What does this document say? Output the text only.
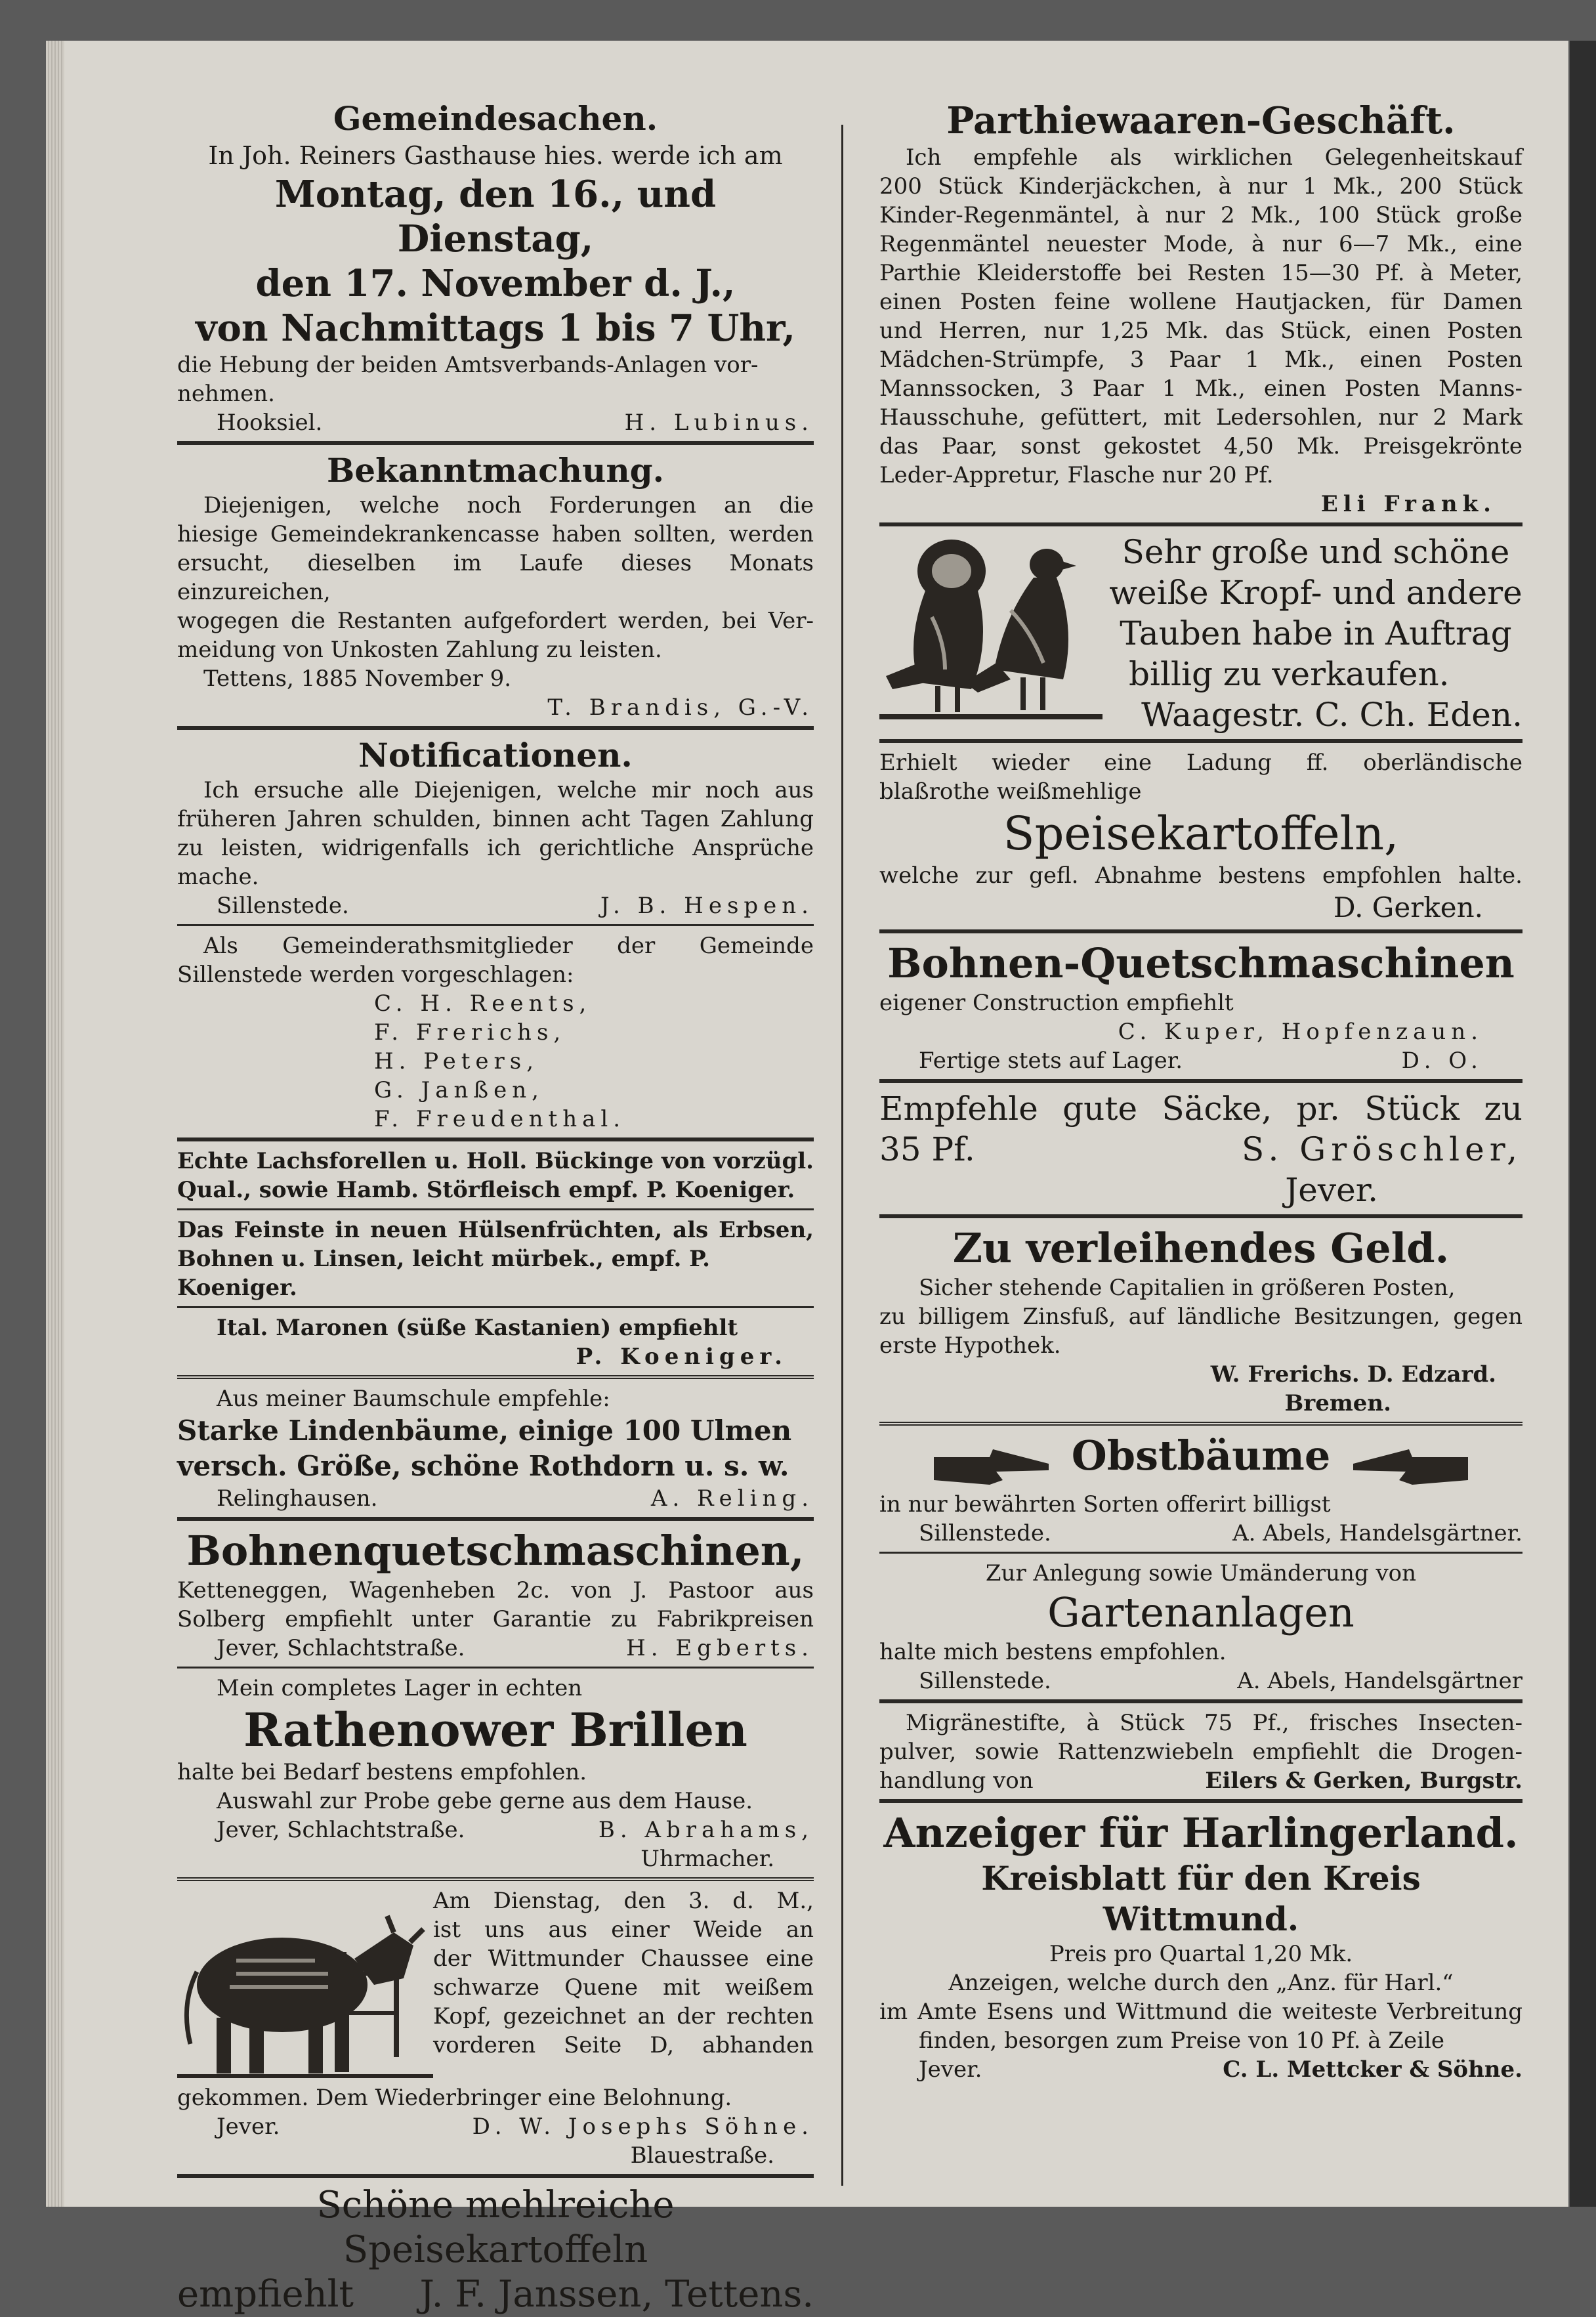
Gemeindesachen.
In Joh. Reiners Gasthause hies. werde ich am
Montag, den 16., und Dienstag,
den 17. November d. J.,
von Nachmittags 1 bis 7 Uhr,
die Hebung der beiden Amtsverbands-Anlagen vor-
nehmen.
Hooksiel.	H. Lubinus.
Bekanntmachung.
Diejenigen, welche noch Forderungen an die
hiesige Gemeindekrankencasse haben sollten, werden
ersucht, dieselben im Laufe dieses Monats einzureichen,
wogegen die Restanten aufgefordert werden, bei Ver-
meidung von Unkosten Zahlung zu leisten.
Tettens, 1885 November 9.
T. Brandis, G.-V.
Notificationen.
Ich ersuche alle Diejenigen, welche mir noch aus
früheren Jahren schulden, binnen acht Tagen Zahlung
zu leisten, widrigenfalls ich gerichtliche Ansprüche
mache.
Sillenstede.	J. B. Hespen.
Als Gemeinderathsmitglieder der Gemeinde
Sillenstede werden vorgeschlagen:
C. H. Reents,
F. Frerichs,
H. Peters,
G. Janßen,
F. Freudenthal.
Echte Lachsforellen u. Holl. Bückinge von vorzügl.
Qual., sowie Hamb. Störfleisch empf. P. Koeniger.
Das Feinste in neuen Hülsenfrüchten, als Erbsen,
Bohnen u. Linsen, leicht mürbek., empf. P. Koeniger.
Ital. Maronen (süße Kastanien) empfiehlt
P. Koeniger.
Aus meiner Baumschule empfehle:
Starke Lindenbäume, einige 100 Ulmen
versch. Größe, schöne Rothdorn u. s. w.
Relinghausen.	A. Reling.
Bohnenquetschmaschinen,
Ketteneggen, Wagenheben 2c. von J. Pastoor aus
Solberg empfiehlt unter Garantie zu Fabrikpreisen
Jever, Schlachtstraße.	H. Egberts.
Mein completes Lager in echten
Rathenower Brillen
halte bei Bedarf bestens empfohlen.
Auswahl zur Probe gebe gerne aus dem Hause.
Jever, Schlachtstraße.	B. Abrahams,
Uhrmacher.
Am Dienstag, den 3. d. M.,
ist uns aus einer Weide an
der Wittmunder Chaussee eine
schwarze Quene mit weißem
Kopf, gezeichnet an der rechten
vorderen Seite D, abhanden
gekommen. Dem Wiederbringer eine Belohnung.
Jever.	D. W. Josephs Söhne.
Blauestraße.
Schöne mehlreiche Speisekartoffeln
empfiehlt J. F. Janssen, Tettens.
Parthiewaaren-Geschäft.
Ich empfehle als wirklichen Gelegenheitskauf
200 Stück Kinderjäckchen, à nur 1 Mk., 200 Stück
Kinder-Regenmäntel, à nur 2 Mk., 100 Stück große
Regenmäntel neuester Mode, à nur 6—7 Mk., eine
Parthie Kleiderstoffe bei Resten 15—30 Pf. à Meter,
einen Posten feine wollene Hautjacken, für Damen
und Herren, nur 1,25 Mk. das Stück, einen Posten
Mädchen-Strümpfe, 3 Paar 1 Mk., einen Posten
Mannssocken, 3 Paar 1 Mk., einen Posten Manns-
Hausschuhe, gefüttert, mit Ledersohlen, nur 2 Mark
das Paar, sonst gekostet 4,50 Mk. Preisgekrönte
Leder-Appretur, Flasche nur 20 Pf.
Eli Frank.
Sehr große und schöne
weiße Kropf- und andere
Tauben habe in Auftrag
billig zu verkaufen.
Waagestr. C. Ch. Eden.
Erhielt wieder eine Ladung ff. oberländische
blaßrothe weißmehlige
Speisekartoffeln,
welche zur gefl. Abnahme bestens empfohlen halte.
D. Gerken.
Bohnen-Quetschmaschinen
eigener Construction empfiehlt
C. Kuper, Hopfenzaun.
Fertige stets auf Lager.	D. O.
Empfehle gute Säcke, pr. Stück zu
35 Pf.	S. Gröschler,
Jever.
Zu verleihendes Geld.
Sicher stehende Capitalien in größeren Posten,
zu billigem Zinsfuß, auf ländliche Besitzungen, gegen
erste Hypothek.
W. Frerichs. D. Edzard.
Bremen.
Obstbäume
in nur bewährten Sorten offerirt billigst
Sillenstede.	A. Abels, Handelsgärtner.
Zur Anlegung sowie Umänderung von
Gartenanlagen
halte mich bestens empfohlen.
Sillenstede.	A. Abels, Handelsgärtner
Migränestifte, à Stück 75 Pf., frisches Insecten-
pulver, sowie Rattenzwiebeln empfiehlt die Drogen-
handlung von	Eilers & Gerken, Burgstr.
Anzeiger für Harlingerland.
Kreisblatt für den Kreis Wittmund.
Preis pro Quartal 1,20 Mk.
Anzeigen, welche durch den „Anz. für Harl.“
im Amte Esens und Wittmund die weiteste Verbreitung
finden, besorgen zum Preise von 10 Pf. à Zeile
Jever.	C. L. Mettcker & Söhne.
